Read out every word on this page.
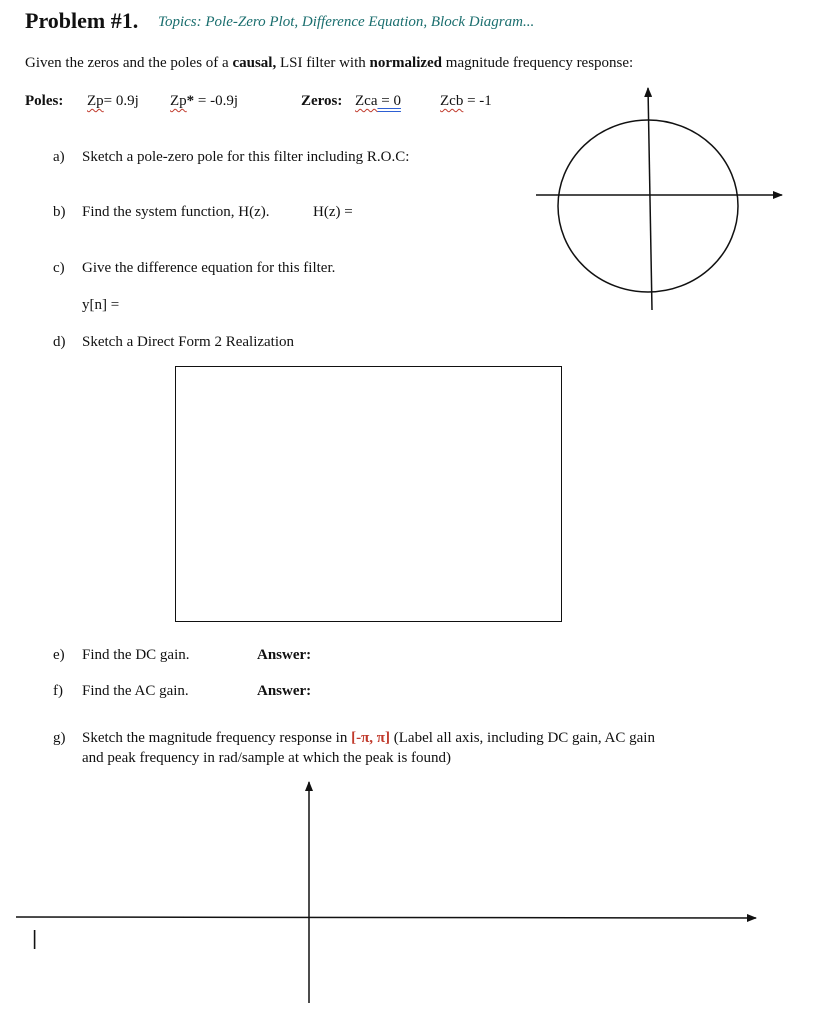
Problem #1. Topics: Pole-Zero Plot, Difference Equation, Block Diagram...
Given the zeros and the poles of a causal, LSI filter with normalized magnitude frequency response:
Poles: Zp= 0.9j Zp* = -0.9j	Zeros: Zca = 0	Zcb = -1
a) Sketch a pole-zero pole for this filter including R.O.C:
b) Find the system function, H(z).	H(z) =
c) Give the difference equation for this filter.
y[n] =
d) Sketch a Direct Form 2 Realization
e) Find the DC gain.	Answer:
f) Find the AC gain.	Answer:
g) Sketch the magnitude frequency response in [-π, π] (Label all axis, including DC gain, AC gain
and peak frequency in rad/sample at which the peak is found)
|
